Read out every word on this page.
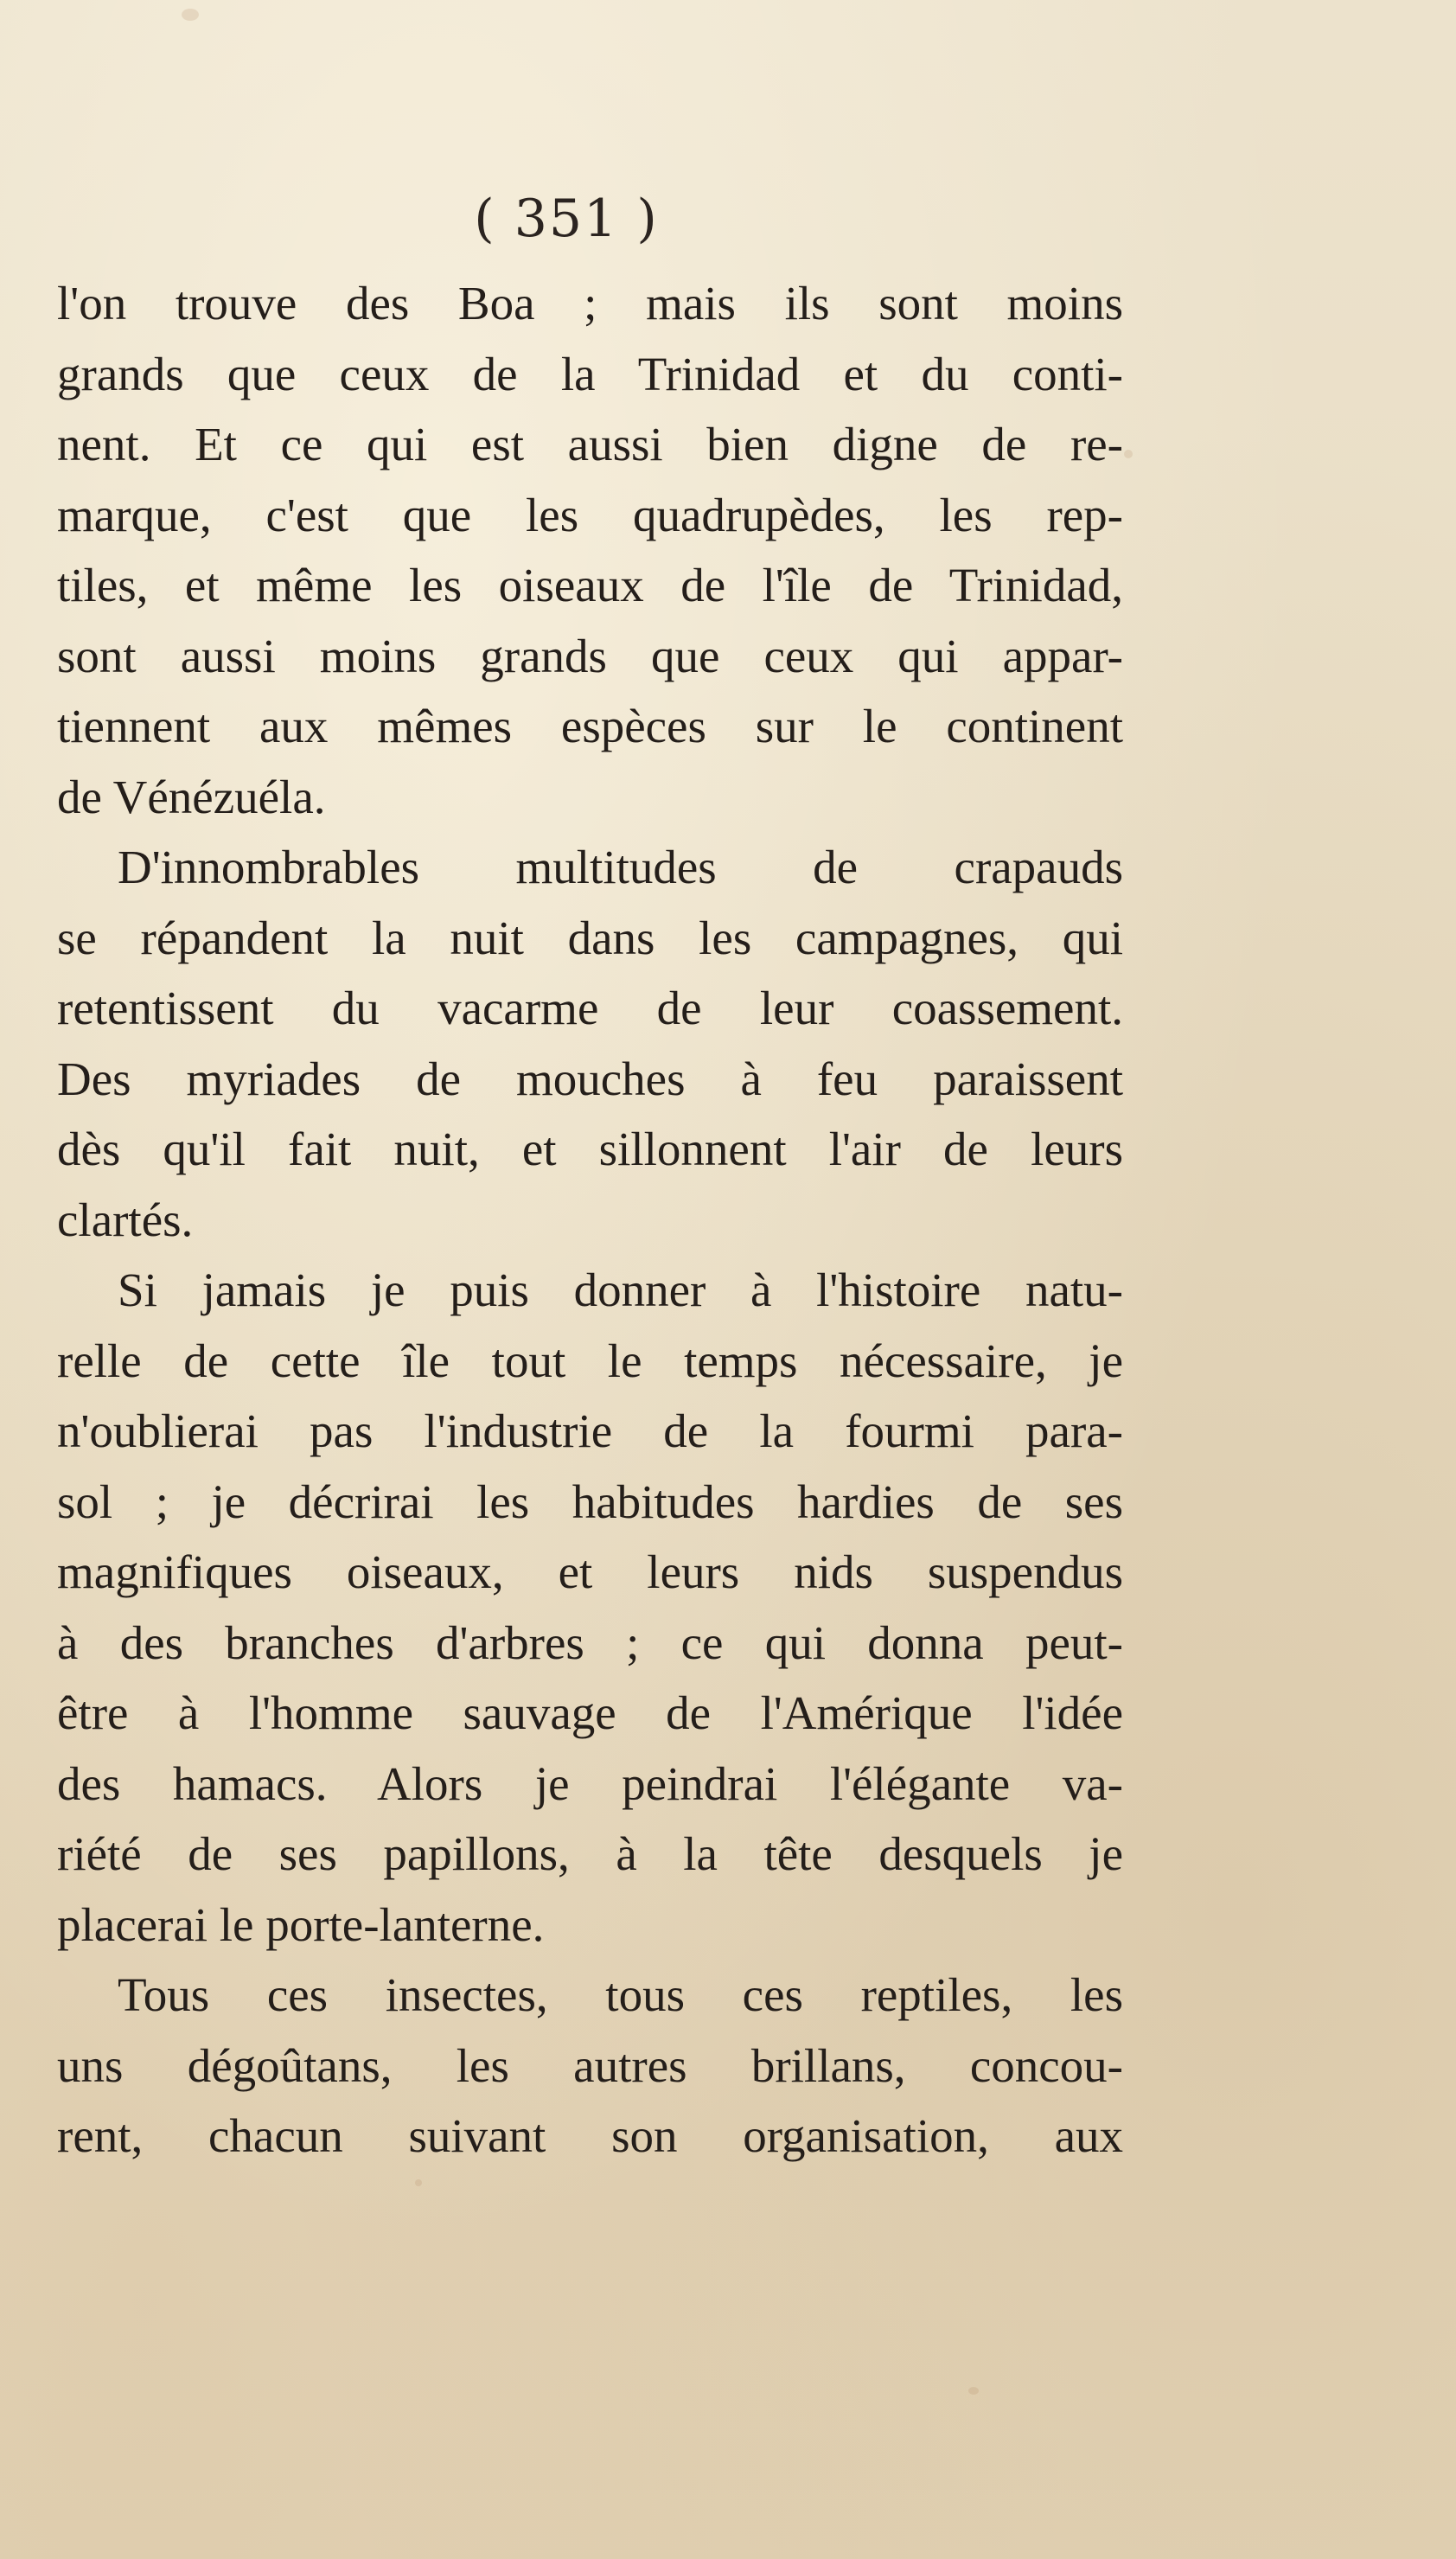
( 351 )
l'on trouve des Boa ; mais ils sont moins
grands que ceux de la Trinidad et du conti-
nent. Et ce qui est aussi bien digne de re-
marque, c'est que les quadrupèdes, les rep-
tiles, et même les oiseaux de l'île de Trinidad,
sont aussi moins grands que ceux qui appar-
tiennent aux mêmes espèces sur le continent
de Vénézuéla.
D'innombrables multitudes de crapauds
se répandent la nuit dans les campagnes, qui
retentissent du vacarme de leur coassement.
Des myriades de mouches à feu paraissent
dès qu'il fait nuit, et sillonnent l'air de leurs
clartés.
Si jamais je puis donner à l'histoire natu-
relle de cette île tout le temps nécessaire, je
n'oublierai pas l'industrie de la fourmi para-
sol ; je décrirai les habitudes hardies de ses
magnifiques oiseaux, et leurs nids suspendus
à des branches d'arbres ; ce qui donna peut-
être à l'homme sauvage de l'Amérique l'idée
des hamacs. Alors je peindrai l'élégante va-
riété de ses papillons, à la tête desquels je
placerai le porte-lanterne.
Tous ces insectes, tous ces reptiles, les
uns dégoûtans, les autres brillans, concou-
rent, chacun suivant son organisation, aux
